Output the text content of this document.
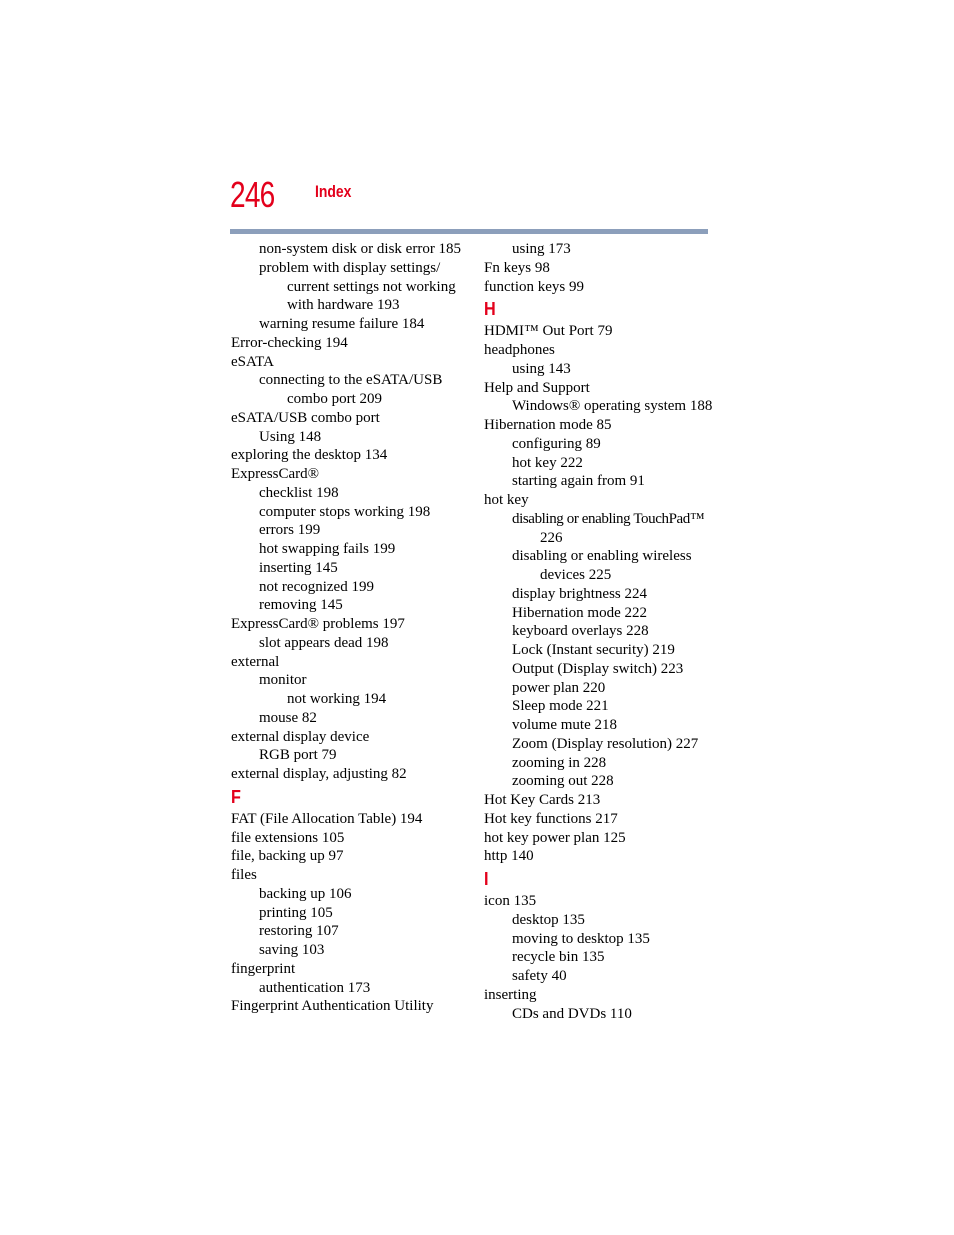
246 Index
non-system disk or disk error 185
problem with display settings/
current settings not working
with hardware 193
warning resume failure 184
Error-checking 194
eSATA
connecting to the eSATA/USB
combo port 209
eSATA/USB combo port
Using 148
exploring the desktop 134
ExpressCard®
checklist 198
computer stops working 198
errors 199
hot swapping fails 199
inserting 145
not recognized 199
removing 145
ExpressCard® problems 197
slot appears dead 198
external
monitor
not working 194
mouse 82
external display device
RGB port 79
external display, adjusting 82
F
FAT (File Allocation Table) 194
file extensions 105
file, backing up 97
files
backing up 106
printing 105
restoring 107
saving 103
fingerprint
authentication 173
Fingerprint Authentication Utility
using 173
Fn keys 98
function keys 99
H
HDMI™ Out Port 79
headphones
using 143
Help and Support
Windows® operating system 188
Hibernation mode 85
configuring 89
hot key 222
starting again from 91
hot key
disabling or enabling TouchPad™
226
disabling or enabling wireless
devices 225
display brightness 224
Hibernation mode 222
keyboard overlays 228
Lock (Instant security) 219
Output (Display switch) 223
power plan 220
Sleep mode 221
volume mute 218
Zoom (Display resolution) 227
zooming in 228
zooming out 228
Hot Key Cards 213
Hot key functions 217
hot key power plan 125
http 140
I
icon 135
desktop 135
moving to desktop 135
recycle bin 135
safety 40
inserting
CDs and DVDs 110
